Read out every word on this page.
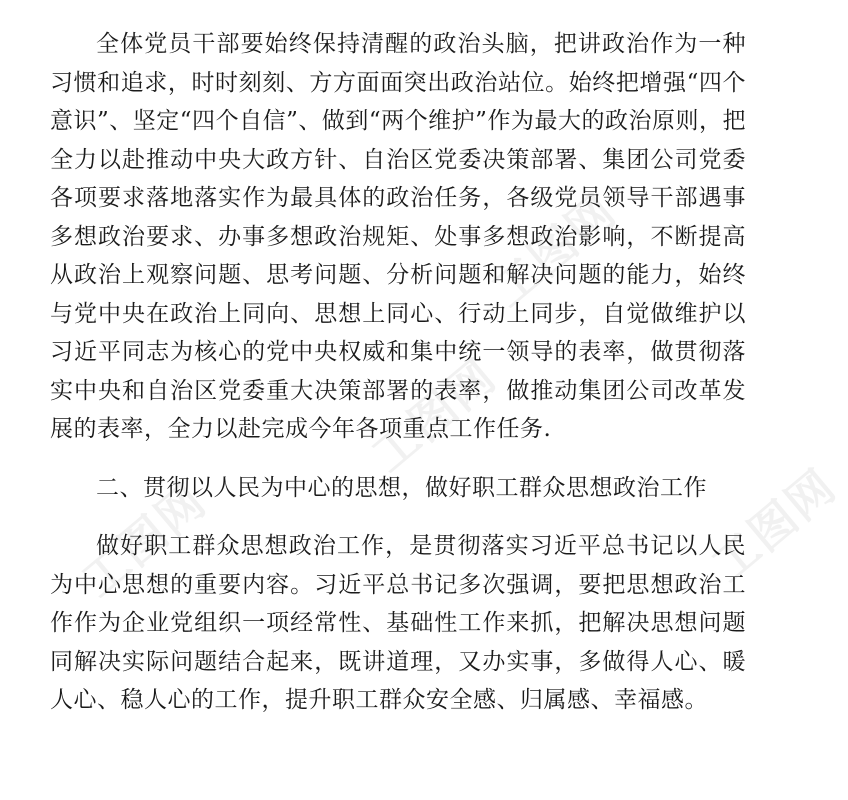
工图网
工图网
工图网
工图网

全体党员干部要始终保持清醒的政治头脑，把讲政治作为一种习惯和追求，时时刻刻、方方面面突出政治站位。始终把增强“四个意识”、坚定“四个自信”、做到“两个维护”作为最大的政治原则，把全力以赴推动中央大政方针、自治区党委决策部署、集团公司党委各项要求落地落实作为最具体的政治任务，各级党员领导干部遇事多想政治要求、办事多想政治规矩、处事多想政治影响，不断提高从政治上观察问题、思考问题、分析问题和解决问题的能力，始终与党中央在政治上同向、思想上同心、行动上同步，自觉做维护以习近平同志为核心的党中央权威和集中统一领导的表率，做贯彻落实中央和自治区党委重大决策部署的表率，做推动集团公司改革发展的表率，全力以赴完成今年各项重点工作任务.

二、贯彻以人民为中心的思想，做好职工群众思想政治工作

做好职工群众思想政治工作，是贯彻落实习近平总书记以人民为中心思想的重要内容。习近平总书记多次强调，要把思想政治工作作为企业党组织一项经常性、基础性工作来抓，把解决思想问题同解决实际问题结合起来，既讲道理，又办实事，多做得人心、暖人心、稳人心的工作，提升职工群众安全感、归属感、幸福感。
